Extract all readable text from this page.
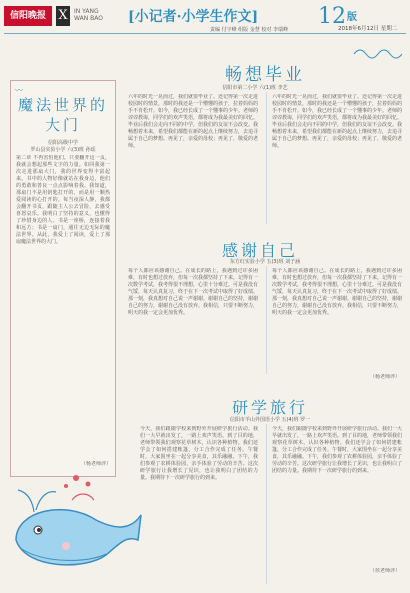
信阳晚报 X	IN YANG
WAN BAO [小记者·小学生作文]	12 版
2018年6月12日 星期二
责编 付宇峰 组版 金慧 校对 李瑞峰
〰
魔法世界的大门
信阳高级中学
罗山县实验小学 六(3)班 孙瑶
第二章 不再害怕他们。只要翻开这一页，我就会想起那些文字的力量。如同我第一次走进那扇大门，我的世界变得丰富起来。书中的人物好像就站在我身边，他们的勇敢和善良一点点影响着我。我知道，那扇门不是用钥匙打开的，而是用一颗热爱阅读的心打开的。每当夜深人静，我都会翻开书页，跟随主人公去冒险，去感受喜怒哀乐。我明白了坚持的意义，也懂得了珍惜身边的人。书是一座桥，连接着我和远方；书是一扇门，通往无边无际的魔法世界。从此，我爱上了阅读，爱上了那扇魔法世界的大门。
（杨老师评）
畅想毕业
信阳市第二小学 六(1)班 李艺
六年的时光一晃而过，我们就要毕业了。还记得第一次走进校园时的情景，那时的我还是一个懵懂的孩子，拉着妈妈的手不肯松开。如今，我已经长成了一个懂事的少年。老师的谆谆教诲，同学们的欢声笑语，都将成为我最美好的回忆。毕业后我们会走向不同的中学，但我们的友谊不会改变。我畅想着未来，希望我们都能在新的起点上继续努力，去追寻属于自己的梦想。再见了，亲爱的母校；再见了，敬爱的老师。
六年的时光一晃而过，我们就要毕业了。还记得第一次走进校园时的情景，那时的我还是一个懵懂的孩子，拉着妈妈的手不肯松开。如今，我已经长成了一个懂事的少年。老师的谆谆教诲，同学们的欢声笑语，都将成为我最美好的回忆。毕业后我们会走向不同的中学，但我们的友谊不会改变。我畅想着未来，希望我们都能在新的起点上继续努力，去追寻属于自己的梦想。再见了，亲爱的母校；再见了，敬爱的老师。
感谢自己
东方红实验小学 五(3)班 刘子涵
每个人都应该感谢自己。在成长的路上，我遇到过许多困难，有时也想过放弃，但每一次我都坚持了下来。记得有一次数学考试，我考得很不理想，心里十分难过。可是我没有气馁，每天认真复习，终于在下一次考试中取得了好成绩。那一刻，我真想对自己说一声谢谢。谢谢自己的坚持，谢谢自己的努力，谢谢自己没有放弃。我相信，只要不断努力，明天的我一定会更加优秀。
每个人都应该感谢自己。在成长的路上，我遇到过许多困难，有时也想过放弃，但每一次我都坚持了下来。记得有一次数学考试，我考得很不理想，心里十分难过。可是我没有气馁，每天认真复习，终于在下一次考试中取得了好成绩。那一刻，我真想对自己说一声谢谢。谢谢自己的坚持，谢谢自己的努力，谢谢自己没有放弃。我相信，只要不断努力，明天的我一定会更加优秀。
（杨老师评）
研学旅行
信阳市羊山外国语小学 五(4)班 罗一
今天，我们跟随学校来到野外开展研学旅行活动。我们一大早就出发了，一路上欢声笑语。到了目的地，老师带领我们观察花草树木，认识各种植物。我们还学会了如何搭建帐篷，分工合作完成了任务。午餐时，大家围坐在一起分享美食，其乐融融。下午，我们参观了农耕体验园，亲手体验了劳动的辛苦。这次研学旅行让我增长了见识，也让我明白了团结的力量。我期待下一次研学旅行的到来。
今天，我们跟随学校来到野外开展研学旅行活动。我们一大早就出发了，一路上欢声笑语。到了目的地，老师带领我们观察花草树木，认识各种植物。我们还学会了如何搭建帐篷，分工合作完成了任务。午餐时，大家围坐在一起分享美食，其乐融融。下午，我们参观了农耕体验园，亲手体验了劳动的辛苦。这次研学旅行让我增长了见识，也让我明白了团结的力量。我期待下一次研学旅行的到来。
（侯老师评）
